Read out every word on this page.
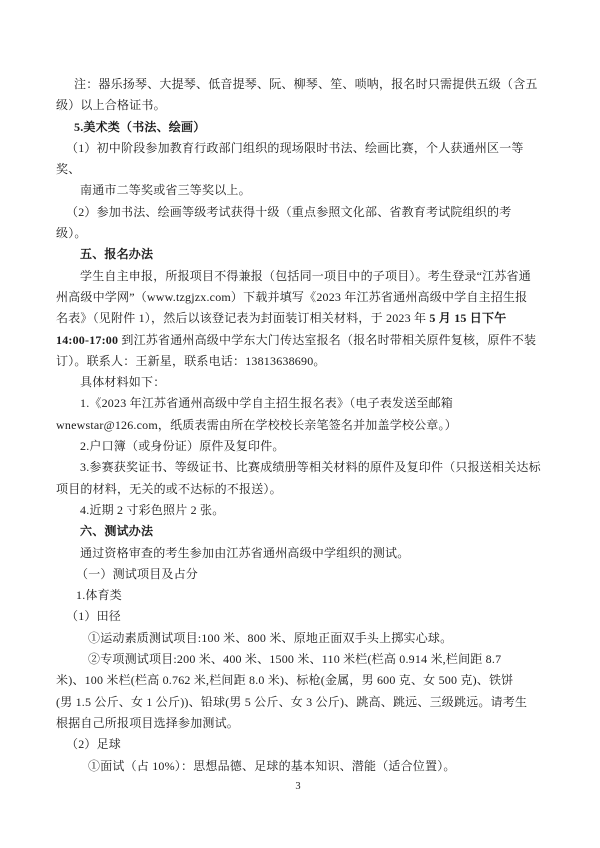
注：器乐扬琴、大提琴、低音提琴、阮、柳琴、笙、唢呐，报名时只需提供五级（含五
级）以上合格证书。
5.美术类（书法、绘画）
（1）初中阶段参加教育行政部门组织的现场限时书法、绘画比赛，个人获通州区一等
奖、
南通市二等奖或省三等奖以上。
（2）参加书法、绘画等级考试获得十级（重点参照文化部、省教育考试院组织的考
级）。
五、报名办法
学生自主申报，所报项目不得兼报（包括同一项目中的子项目）。考生登录“江苏省通
州高级中学网”（www.tzgjzx.com）下载并填写《2023 年江苏省通州高级中学自主招生报
名表》（见附件 1），然后以该登记表为封面装订相关材料，于 2023 年 5 月 15 日下午
14:00-17:00 到江苏省通州高级中学东大门传达室报名（报名时带相关原件复核，原件不装
订）。联系人：王新星，联系电话：13813638690。
具体材料如下：
1.《2023 年江苏省通州高级中学自主招生报名表》（电子表发送至邮箱
wnewstar@126.com，纸质表需由所在学校校长亲笔签名并加盖学校公章。）
2.户口簿（或身份证）原件及复印件。
3.参赛获奖证书、等级证书、比赛成绩册等相关材料的原件及复印件（只报送相关达标
项目的材料，无关的或不达标的不报送）。
4.近期 2 寸彩色照片 2 张。
六、测试办法
通过资格审查的考生参加由江苏省通州高级中学组织的测试。
（一）测试项目及占分
1.体育类
（1）田径
①运动素质测试项目:100 米、800 米、原地正面双手头上掷实心球。
②专项测试项目:200 米、400 米、1500 米、110 米栏(栏高 0.914 米,栏间距 8.7
米)、100 米栏(栏高 0.762 米,栏间距 8.0 米)、标枪(金属，男 600 克、女 500 克)、铁饼
(男 1.5 公斤、女 1 公斤))、铅球(男 5 公斤、女 3 公斤)、跳高、跳远、三级跳远。请考生
根据自己所报项目选择参加测试。
（2）足球
①面试（占 10%）：思想品德、足球的基本知识、潜能（适合位置）。
3
